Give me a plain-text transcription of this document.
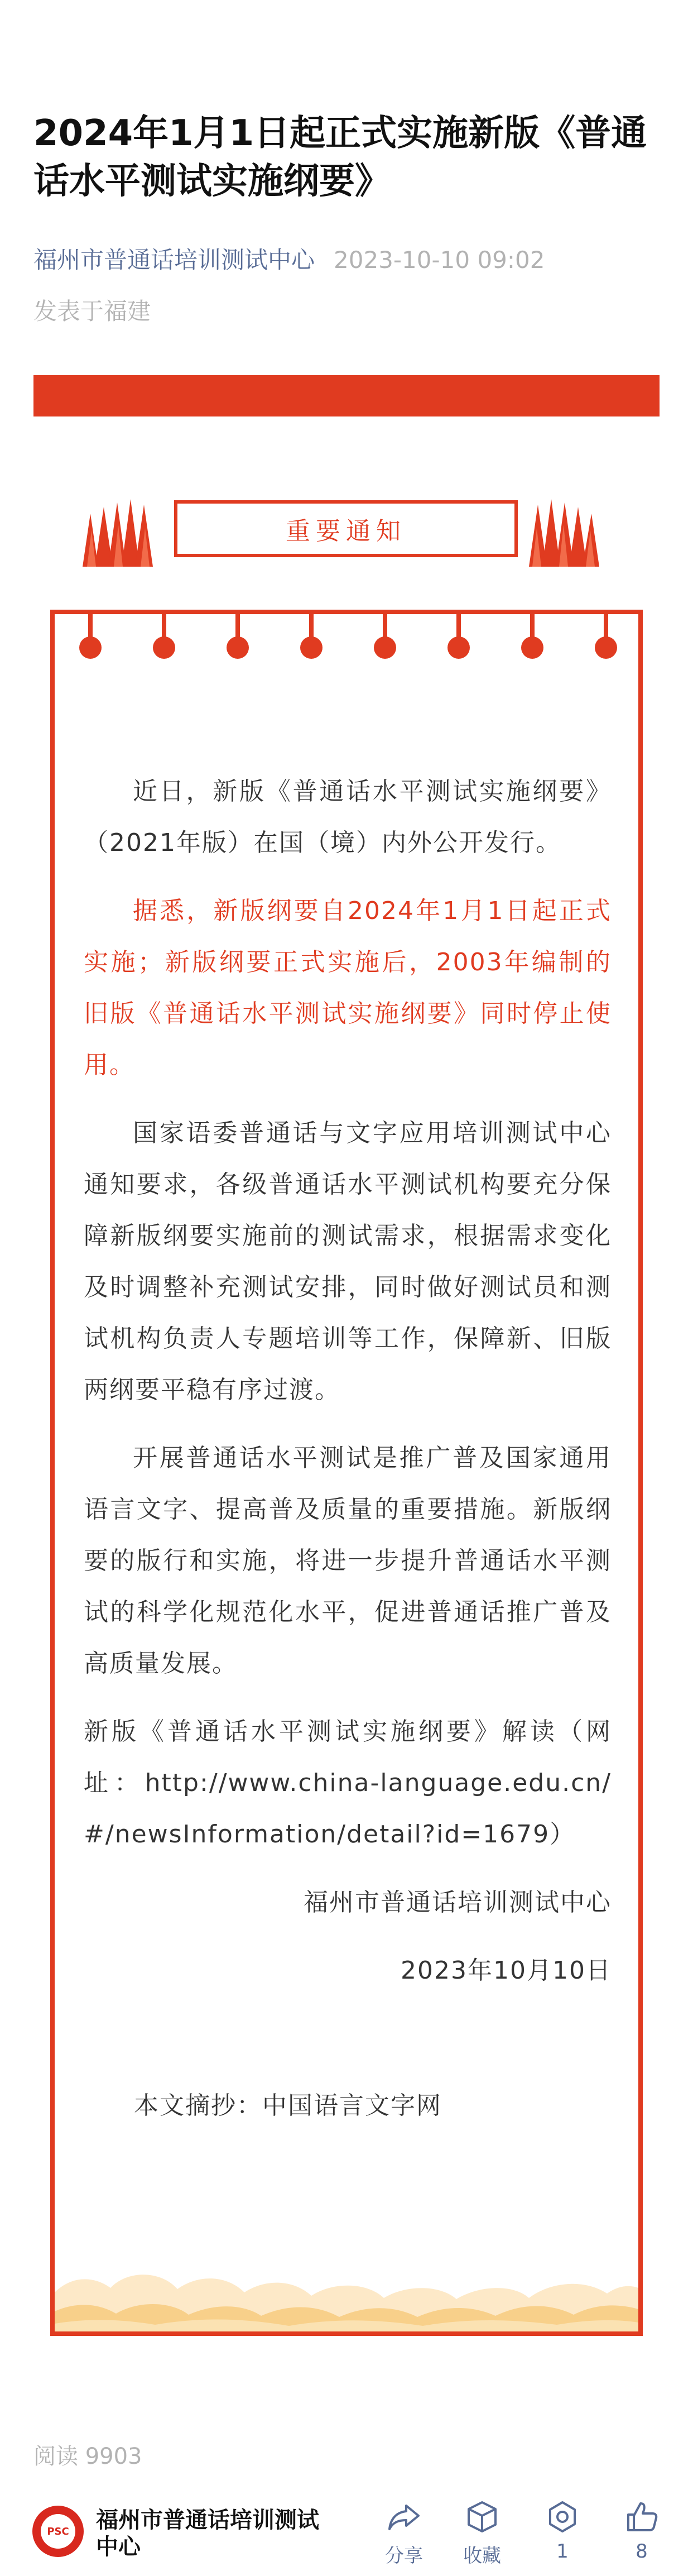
2024年1月1日起正式实施新版《普通话水平测试实施纲要》
福州市普通话培训测试中心 2023-10-10 09:02
发表于福建
重要通知

近日，新版《普通话水平测试实施纲要》（2021年版）在国（境）内外公开发行。

据悉，新版纲要自2024年1月1日起正式实施；新版纲要正式实施后，2003年编制的旧版《普通话水平测试实施纲要》同时停止使用。

国家语委普通话与文字应用培训测试中心通知要求，各级普通话水平测试机构要充分保障新版纲要实施前的测试需求，根据需求变化及时调整补充测试安排，同时做好测试员和测试机构负责人专题培训等工作，保障新、旧版两纲要平稳有序过渡。

开展普通话水平测试是推广普及国家通用语言文字、提高普及质量的重要措施。新版纲要的版行和实施，将进一步提升普通话水平测试的科学化规范化水平，促进普通话推广普及高质量发展。

新版《普通话水平测试实施纲要》解读（网址：http://www.china-language.edu.cn/#/newsInformation/detail?id=1679）

福州市普通话培训测试中心

2023年10月10日

本文摘抄：中国语言文字网

阅读 9903
PSC 福州市普通话培训测试中心	分享	收藏	1	8
